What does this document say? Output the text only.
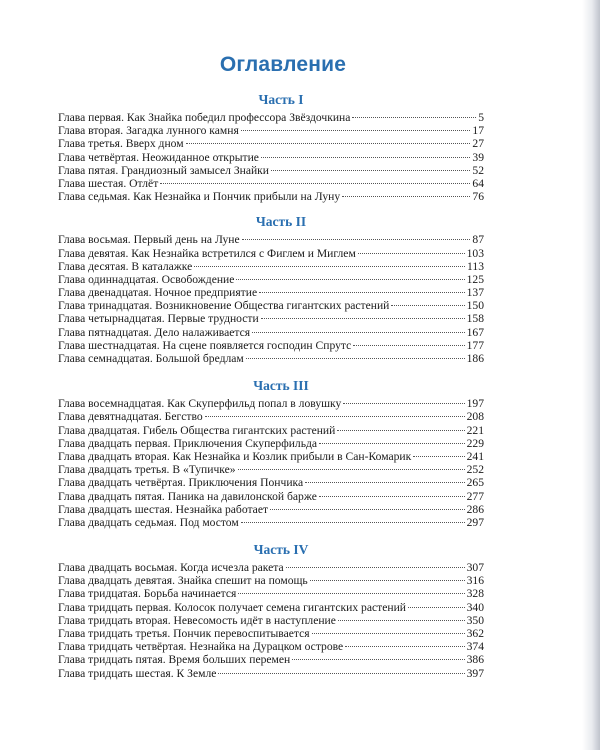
Оглавление
Часть I
Глава первая. Как Знайка победил профессора Звёздочкина	5
Глава вторая. Загадка лунного камня	17
Глава третья. Вверх дном	27
Глава четвёртая. Неожиданное открытие	39
Глава пятая. Грандиозный замысел Знайки	52
Глава шестая. Отлёт	64
Глава седьмая. Как Незнайка и Пончик прибыли на Луну	76
Часть II
Глава восьмая. Первый день на Луне	87
Глава девятая. Как Незнайка встретился с Фиглем и Миглем	103
Глава десятая. В каталажке	113
Глава одиннадцатая. Освобождение	125
Глава двенадцатая. Ночное предприятие	137
Глава тринадцатая. Возникновение Общества гигантских растений	150
Глава четырнадцатая. Первые трудности	158
Глава пятнадцатая. Дело налаживается	167
Глава шестнадцатая. На сцене появляется господин Спрутс	177
Глава семнадцатая. Большой бредлам	186
Часть III
Глава восемнадцатая. Как Скуперфильд попал в ловушку	197
Глава девятнадцатая. Бегство	208
Глава двадцатая. Гибель Общества гигантских растений	221
Глава двадцать первая. Приключения Скуперфильда	229
Глава двадцать вторая. Как Незнайка и Козлик прибыли в Сан-Комарик	241
Глава двадцать третья. В «Тупичке»	252
Глава двадцать четвёртая. Приключения Пончика	265
Глава двадцать пятая. Паника на давилонской барже	277
Глава двадцать шестая. Незнайка работает	286
Глава двадцать седьмая. Под мостом	297
Часть IV
Глава двадцать восьмая. Когда исчезла ракета	307
Глава двадцать девятая. Знайка спешит на помощь	316
Глава тридцатая. Борьба начинается	328
Глава тридцать первая. Колосок получает семена гигантских растений	340
Глава тридцать вторая. Невесомость идёт в наступление	350
Глава тридцать третья. Пончик перевоспитывается	362
Глава тридцать четвёртая. Незнайка на Дурацком острове	374
Глава тридцать пятая. Время больших перемен	386
Глава тридцать шестая. К Земле	397
